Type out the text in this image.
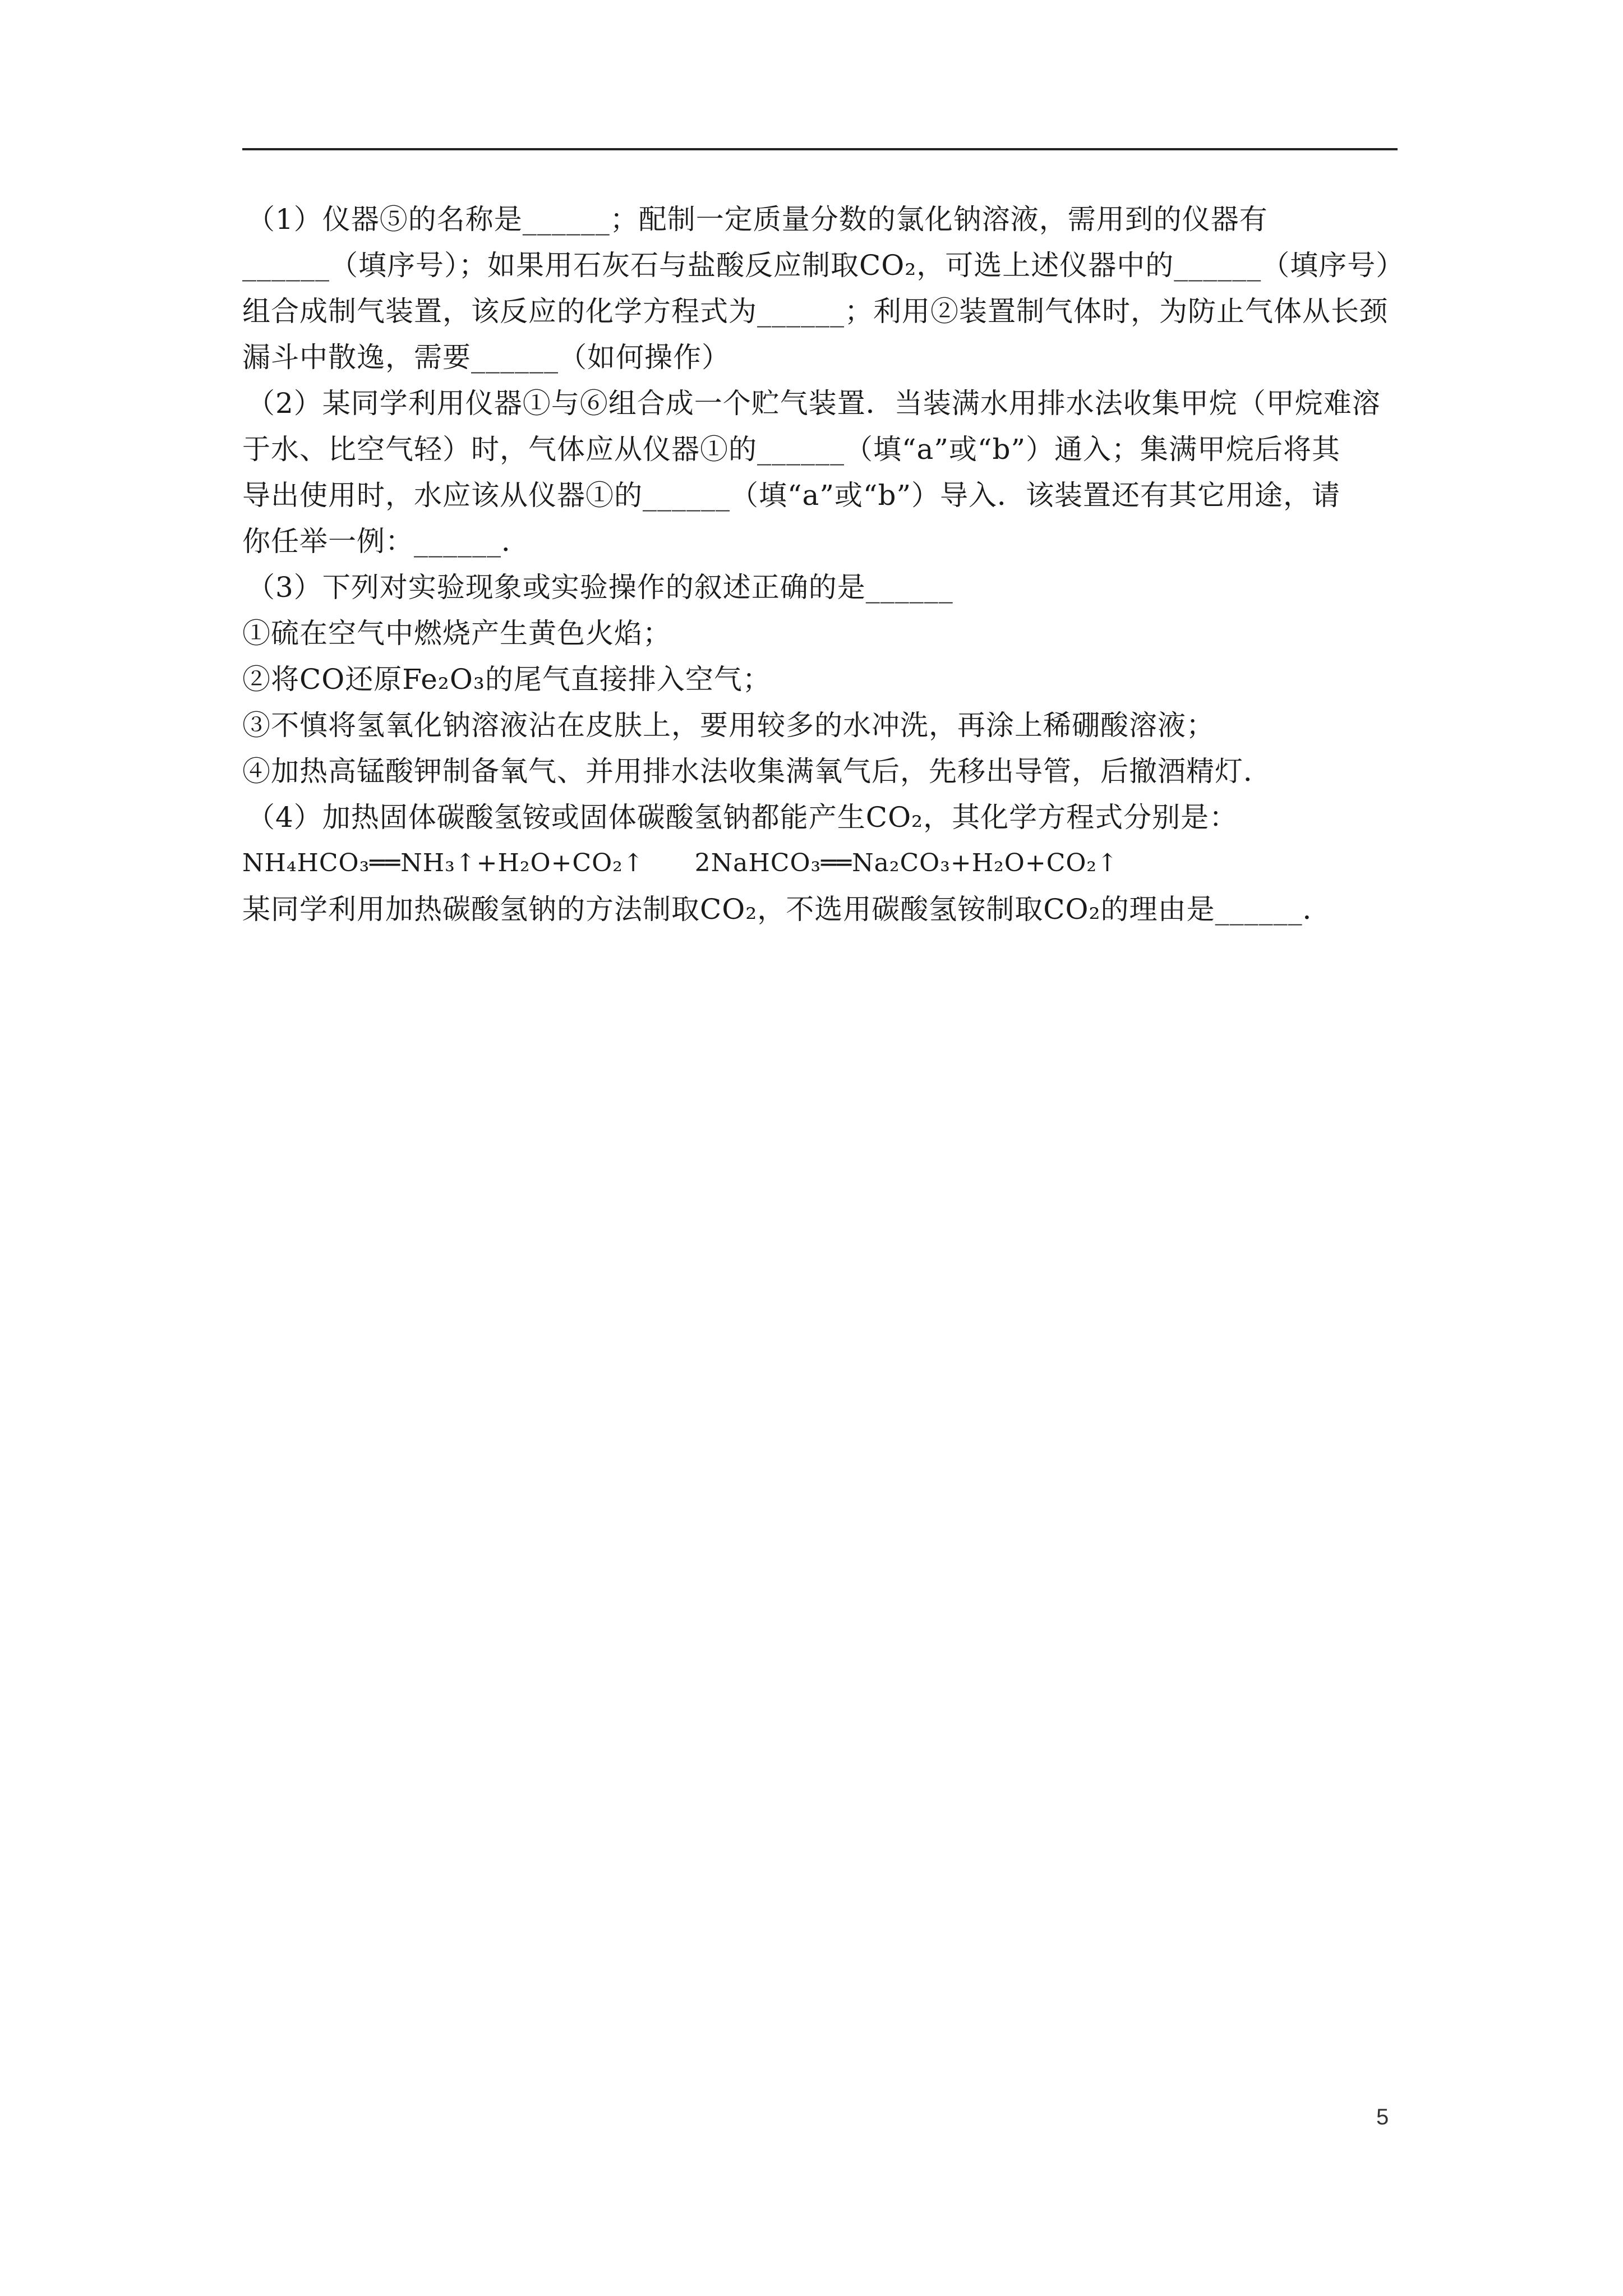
（1）仪器⑤的名称是______；配制一定质量分数的氯化钠溶液，需用到的仪器有
______（填序号）；如果用石灰石与盐酸反应制取CO₂，可选上述仪器中的______（填序号）
组合成制气装置，该反应的化学方程式为______；利用②装置制气体时，为防止气体从长颈
漏斗中散逸，需要______（如何操作）
（2）某同学利用仪器①与⑥组合成一个贮气装置．当装满水用排水法收集甲烷（甲烷难溶
于水、比空气轻）时，气体应从仪器①的______（填“a”或“b”）通入；集满甲烷后将其
导出使用时，水应该从仪器①的______（填“a”或“b”）导入．该装置还有其它用途，请
你任举一例：______．
（3）下列对实验现象或实验操作的叙述正确的是______
①硫在空气中燃烧产生黄色火焰；
②将CO还原Fe₂O₃的尾气直接排入空气；
③不慎将氢氧化钠溶液沾在皮肤上，要用较多的水冲洗，再涂上稀硼酸溶液；
④加热高锰酸钾制备氧气、并用排水法收集满氧气后，先移出导管，后撤酒精灯．
（4）加热固体碳酸氢铵或固体碳酸氢钠都能产生CO₂，其化学方程式分别是：
NH₄HCO₃══NH₃↑+H₂O+CO₂↑　　2NaHCO₃══Na₂CO₃+H₂O+CO₂↑
某同学利用加热碳酸氢钠的方法制取CO₂，不选用碳酸氢铵制取CO₂的理由是______．
5
